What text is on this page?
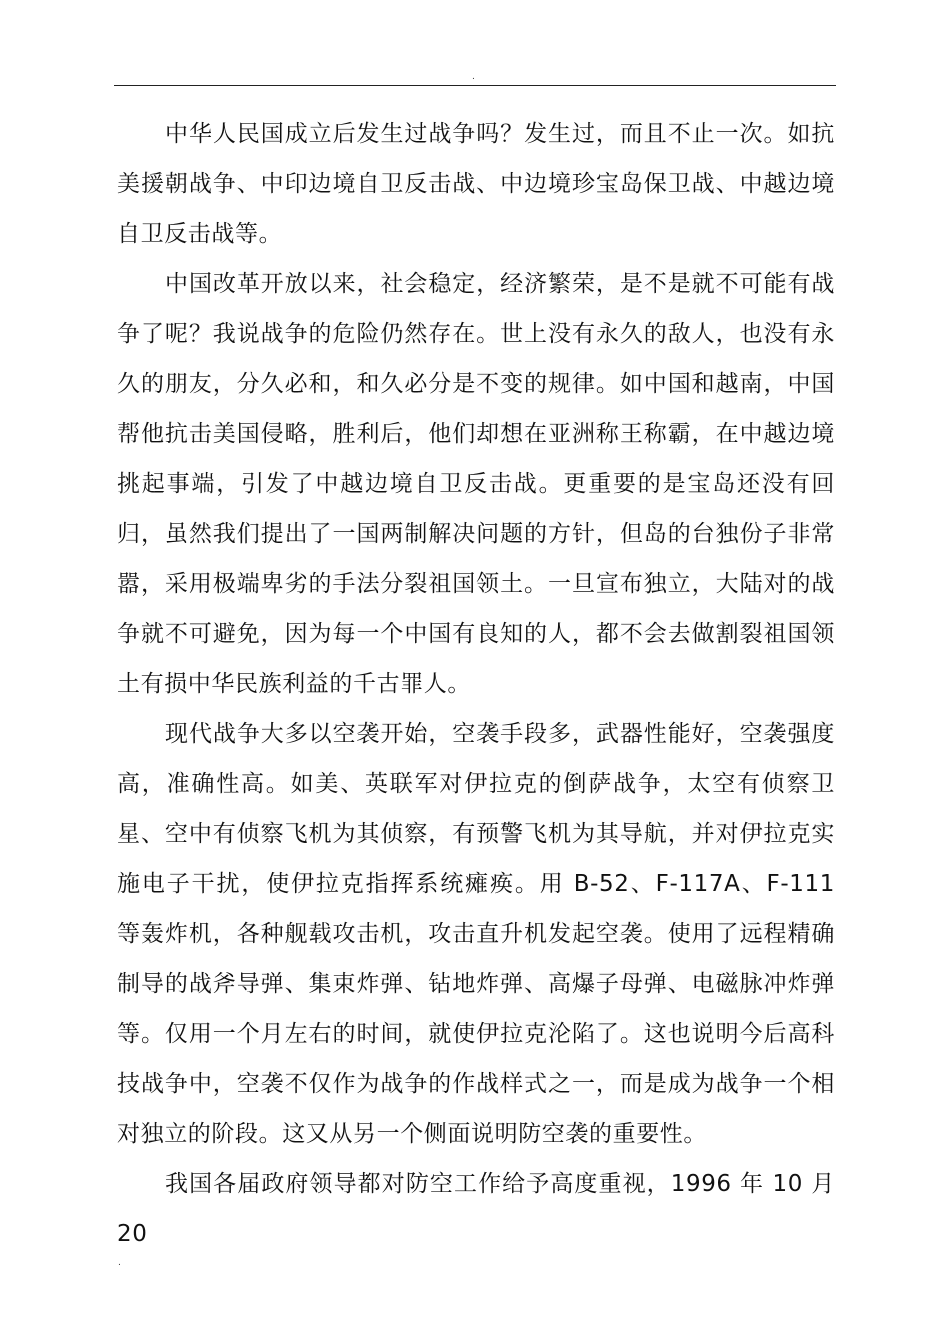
.

中华人民国成立后发生过战争吗？发生过，而且不止一次。如抗美援朝战争、中印边境自卫反击战、中边境珍宝岛保卫战、中越边境自卫反击战等。

中国改革开放以来，社会稳定，经济繁荣，是不是就不可能有战争了呢？我说战争的危险仍然存在。世上没有永久的敌人，也没有永久的朋友，分久必和，和久必分是不变的规律。如中国和越南，中国帮他抗击美国侵略，胜利后，他们却想在亚洲称王称霸，在中越边境挑起事端，引发了中越边境自卫反击战。更重要的是宝岛还没有回归，虽然我们提出了一国两制解决问题的方针，但岛的台独份子非常嚣，采用极端卑劣的手法分裂祖国领土。一旦宣布独立，大陆对的战争就不可避免，因为每一个中国有良知的人，都不会去做割裂祖国领土有损中华民族利益的千古罪人。

现代战争大多以空袭开始，空袭手段多，武器性能好，空袭强度高，准确性高。如美、英联军对伊拉克的倒萨战争，太空有侦察卫星、空中有侦察飞机为其侦察，有预警飞机为其导航，并对伊拉克实施电子干扰，使伊拉克指挥系统瘫痪。用 B-52、F-117A、F-111 等轰炸机，各种舰载攻击机，攻击直升机发起空袭。使用了远程精确制导的战斧导弹、集束炸弹、钻地炸弹、高爆子母弹、电磁脉冲炸弹等。仅用一个月左右的时间，就使伊拉克沦陷了。这也说明今后高科技战争中，空袭不仅作为战争的作战样式之一，而是成为战争一个相对独立的阶段。这又从另一个侧面说明防空袭的重要性。

我国各届政府领导都对防空工作给予高度重视，1996 年 10 月 20

.
